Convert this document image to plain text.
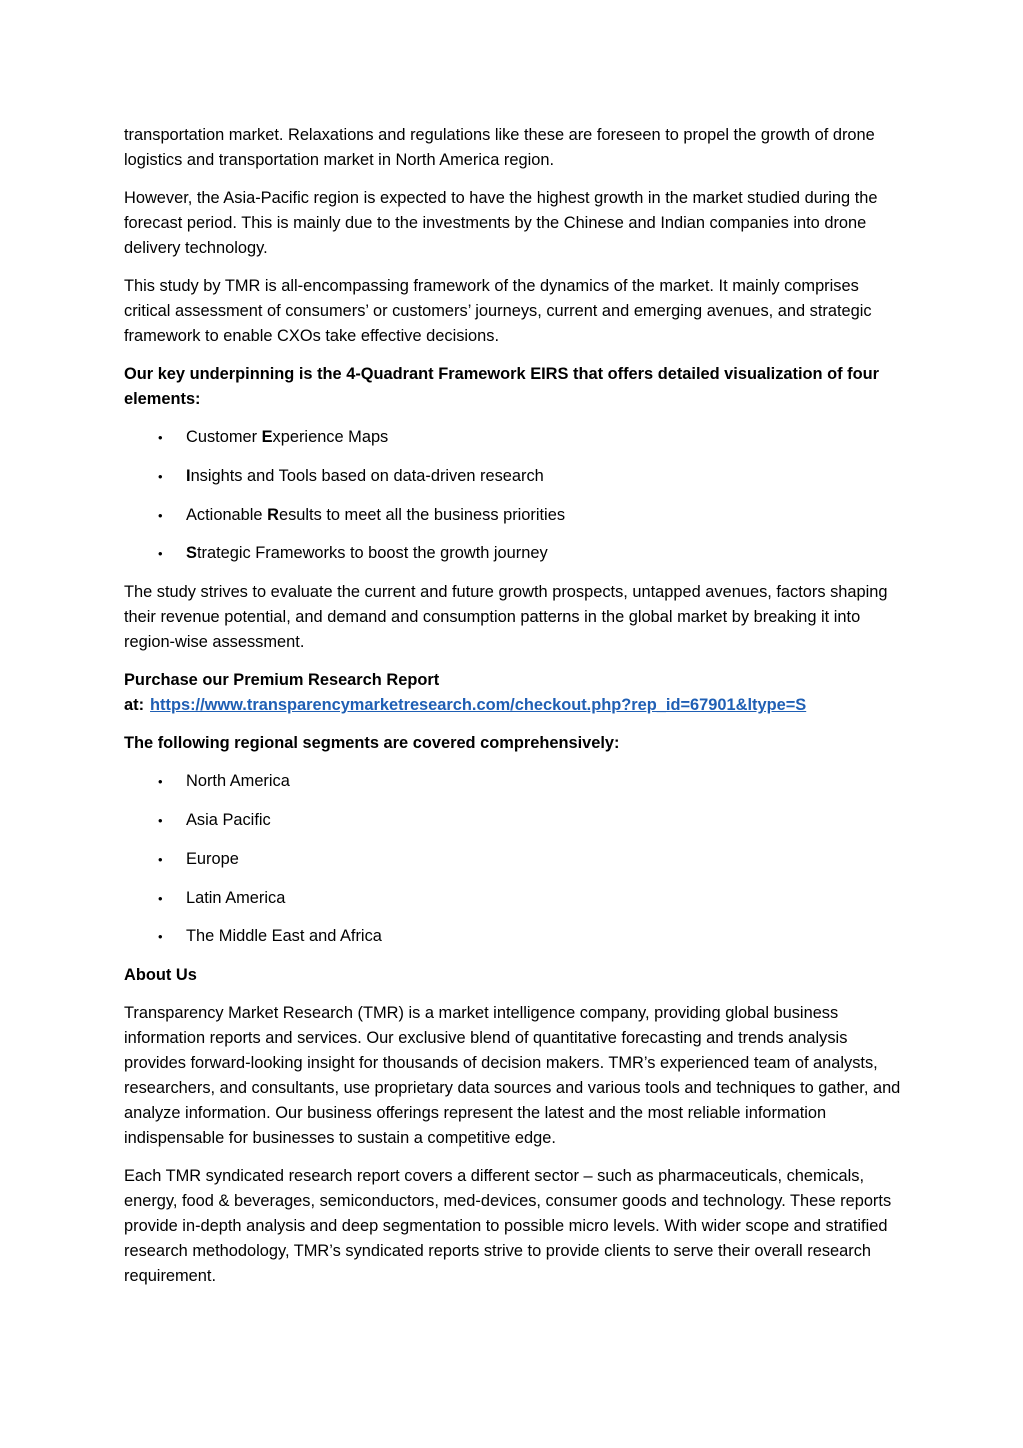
transportation market. Relaxations and regulations like these are foreseen to propel the growth of drone logistics and transportation market in North America region.

However, the Asia-Pacific region is expected to have the highest growth in the market studied during the forecast period. This is mainly due to the investments by the Chinese and Indian companies into drone delivery technology.

This study by TMR is all-encompassing framework of the dynamics of the market. It mainly comprises critical assessment of consumers’ or customers’ journeys, current and emerging avenues, and strategic framework to enable CXOs take effective decisions.

Our key underpinning is the 4-Quadrant Framework EIRS that offers detailed visualization of four elements:

• Customer Experience Maps
• Insights and Tools based on data-driven research
• Actionable Results to meet all the business priorities
• Strategic Frameworks to boost the growth journey

The study strives to evaluate the current and future growth prospects, untapped avenues, factors shaping their revenue potential, and demand and consumption patterns in the global market by breaking it into region-wise assessment.

Purchase our Premium Research Report
at: https://www.transparencymarketresearch.com/checkout.php?rep_id=67901&ltype=S

The following regional segments are covered comprehensively:

• North America
• Asia Pacific
• Europe
• Latin America
• The Middle East and Africa

About Us

Transparency Market Research (TMR) is a market intelligence company, providing global business information reports and services. Our exclusive blend of quantitative forecasting and trends analysis provides forward-looking insight for thousands of decision makers. TMR’s experienced team of analysts, researchers, and consultants, use proprietary data sources and various tools and techniques to gather, and analyze information. Our business offerings represent the latest and the most reliable information indispensable for businesses to sustain a competitive edge.

Each TMR syndicated research report covers a different sector – such as pharmaceuticals, chemicals, energy, food & beverages, semiconductors, med-devices, consumer goods and technology. These reports provide in-depth analysis and deep segmentation to possible micro levels. With wider scope and stratified research methodology, TMR’s syndicated reports strive to provide clients to serve their overall research requirement.
